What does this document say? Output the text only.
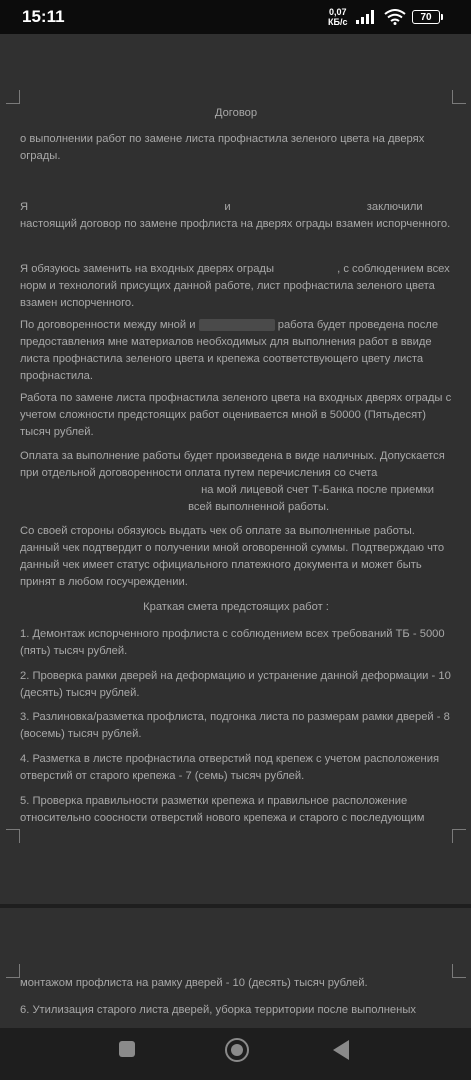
15:11	0,07
КБ/с	70
Договор
о выполнении работ по замене листа профнастила зеленого цвета на дверях ограды.
Я	и	заключили настоящий договор по замене профлиста на дверях ограды взамен испорченного.
Я обязуюсь заменить на входных дверях ограды	, с соблюдением всех норм и технологий присущих данной работе, лист профнастила зеленого цвета взамен испорченного.
По договоренности между мной и	работа будет проведена после предоставления мне материалов необходимых для выполнения работ в ввиде листа профнастила зеленого цвета и крепежа соответствующего цвету листа профнастила.
Работа по замене листа профнастила зеленого цвета на входных дверях ограды с учетом сложности предстоящих работ оценивается мной в 50000 (Пятьдесят) тысяч рублей.
Оплата за выполнение работы будет произведена в виде наличных. Допускается при отдельной договоренности оплата путем перечисления со счета  на мой лицевой счет Т-Банка после приемки  всей выполненной работы.
Со своей стороны обязуюсь выдать чек об оплате за выполненные работы. данный чек подтвердит о получении мной оговоренной суммы. Подтверждаю что данный чек имеет статус официального платежного документа и может быть принят в любом госучреждении.
Краткая смета предстоящих работ :
1. Демонтаж испорченного профлиста с соблюдением всех требований ТБ - 5000 (пять) тысяч рублей.
2. Проверка рамки дверей на деформацию и устранение данной деформации - 10 (десять) тысяч рублей.
3. Разлиновка/разметка профлиста, подгонка листа по размерам рамки дверей - 8 (восемь) тысяч рублей.
4. Разметка в листе профнастила отверстий под крепеж с учетом расположения отверстий от старого крепежа - 7 (семь) тысяч рублей.
5. Проверка правильности разметки крепежа и правильное расположение относительно соосности отверстий нового крепежа и старого с последующим
монтажом профлиста на рамку дверей - 10 (десять) тысяч рублей.
6. Утилизация старого листа дверей, уборка территории после выполненых
